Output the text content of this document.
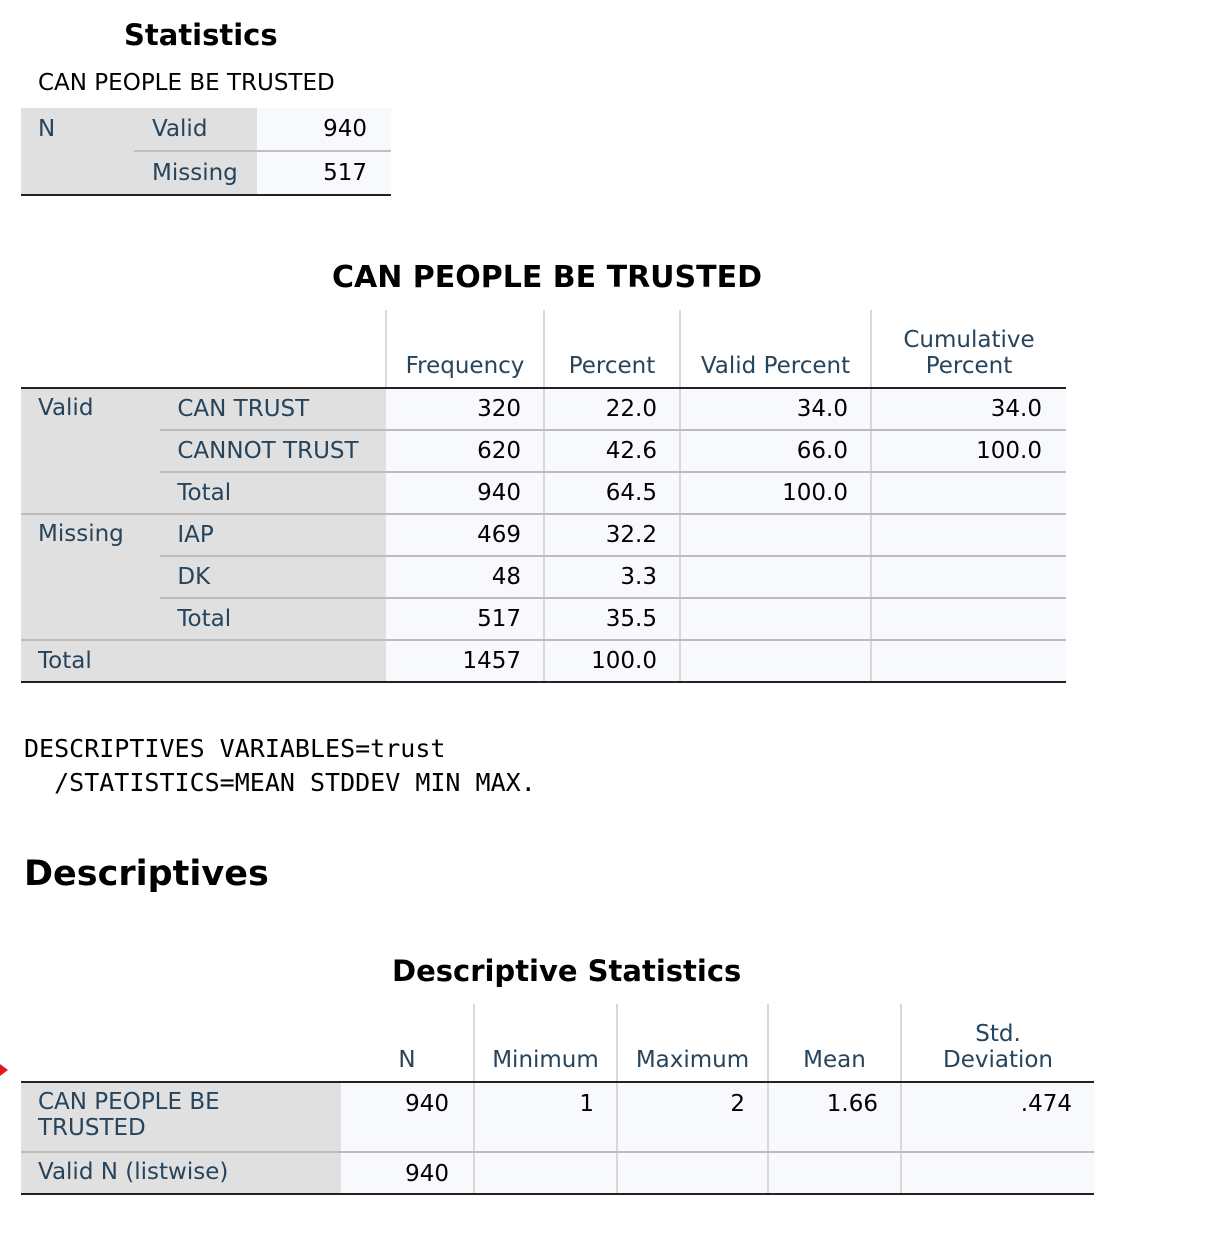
Statistics
CAN PEOPLE BE TRUSTED
N	Valid	940
	Missing	517
CAN PEOPLE BE TRUSTED
		Frequency	Percent	Valid Percent	Cumulative
Percent
Valid	CAN TRUST	320	22.0	34.0	34.0
	CANNOT TRUST	620	42.6	66.0	100.0
	Total	940	64.5	100.0	
Missing	IAP	469	32.2		
	DK	48	3.3		
	Total	517	35.5		
Total		1457	100.0		
DESCRIPTIVES VARIABLES=trust
/STATISTICS=MEAN STDDEV MIN MAX.
Descriptives
Descriptive Statistics
	N	Minimum	Maximum	Mean	Std.
Deviation
CAN PEOPLE BE
TRUSTED	940	1	2	1.66	.474
Valid N (listwise)	940				
